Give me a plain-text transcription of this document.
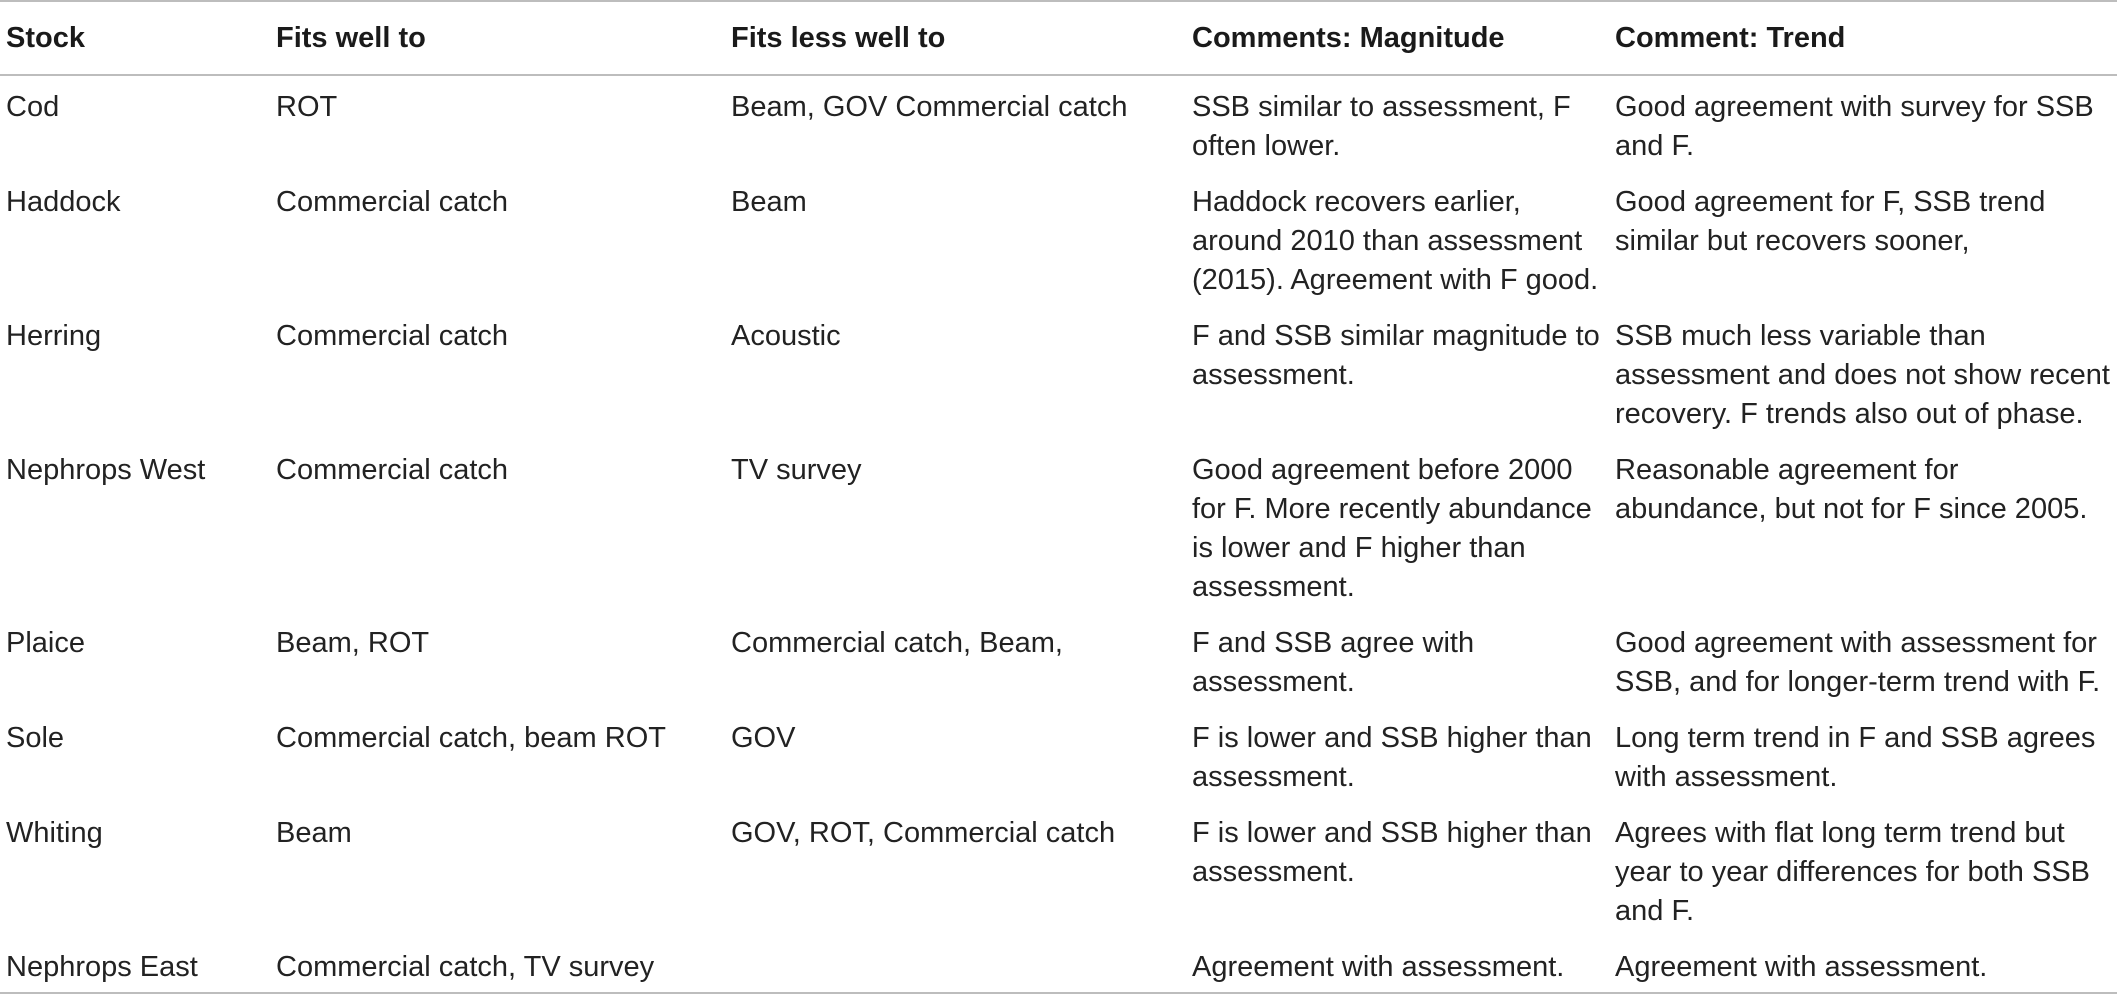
Stock	Fits well to	Fits less well to	Comments: Magnitude	Comment: Trend
Cod	ROT	Beam, GOV Commercial catch	SSB similar to assessment, F often lower.	Good agreement with survey for SSB and F.
Haddock	Commercial catch	Beam	Haddock recovers earlier, around 2010 than assessment (2015). Agreement with F good.	Good agreement for F, SSB trend similar but recovers sooner,
Herring	Commercial catch	Acoustic	F and SSB similar magnitude to assessment.	SSB much less variable than assessment and does not show recent recovery. F trends also out of phase.
Nephrops West	Commercial catch	TV survey	Good agreement before 2000 for F. More recently abundance is lower and F higher than assessment.	Reasonable agreement for abundance, but not for F since 2005.
Plaice	Beam, ROT	Commercial catch, Beam,	F and SSB agree with assessment.	Good agreement with assessment for SSB, and for longer-term trend with F.
Sole	Commercial catch, beam ROT	GOV	F is lower and SSB higher than assessment.	Long term trend in F and SSB agrees with assessment.
Whiting	Beam	GOV, ROT, Commercial catch	F is lower and SSB higher than assessment.	Agrees with flat long term trend but year to year differences for both SSB and F.
Nephrops East	Commercial catch, TV survey		Agreement with assessment.	Agreement with assessment.
